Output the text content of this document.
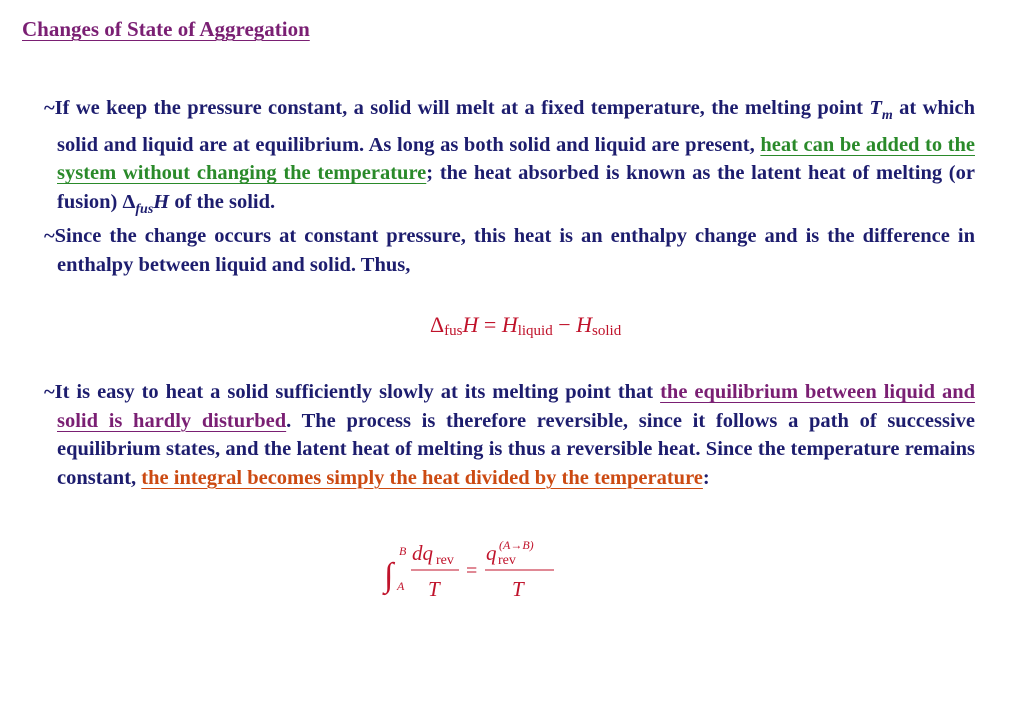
Changes of State of Aggregation
~If we keep the pressure constant, a solid will melt at a fixed temperature, the melting point $T_m$ at which solid and liquid are at equilibrium. As long as both solid and liquid are present, heat can be added to the system without changing the temperature; the heat absorbed is known as the latent heat of melting (or fusion) $\Delta_{fus}H$ of the solid.
~Since the change occurs at constant pressure, this heat is an enthalpy change and is the difference in enthalpy between liquid and solid. Thus,
$\Delta_{fus}H = H_{liquid} - H_{solid}$
~It is easy to heat a solid sufficiently slowly at its melting point that the equilibrium between liquid and solid is hardly disturbed. The process is therefore reversible, since it follows a path of successive equilibrium states, and the latent heat of melting is thus a reversible heat. Since the temperature remains constant, the integral becomes simply the heat divided by the temperature:
∫
B
A
dq rev
T
=
q rev
(A→B)
T
